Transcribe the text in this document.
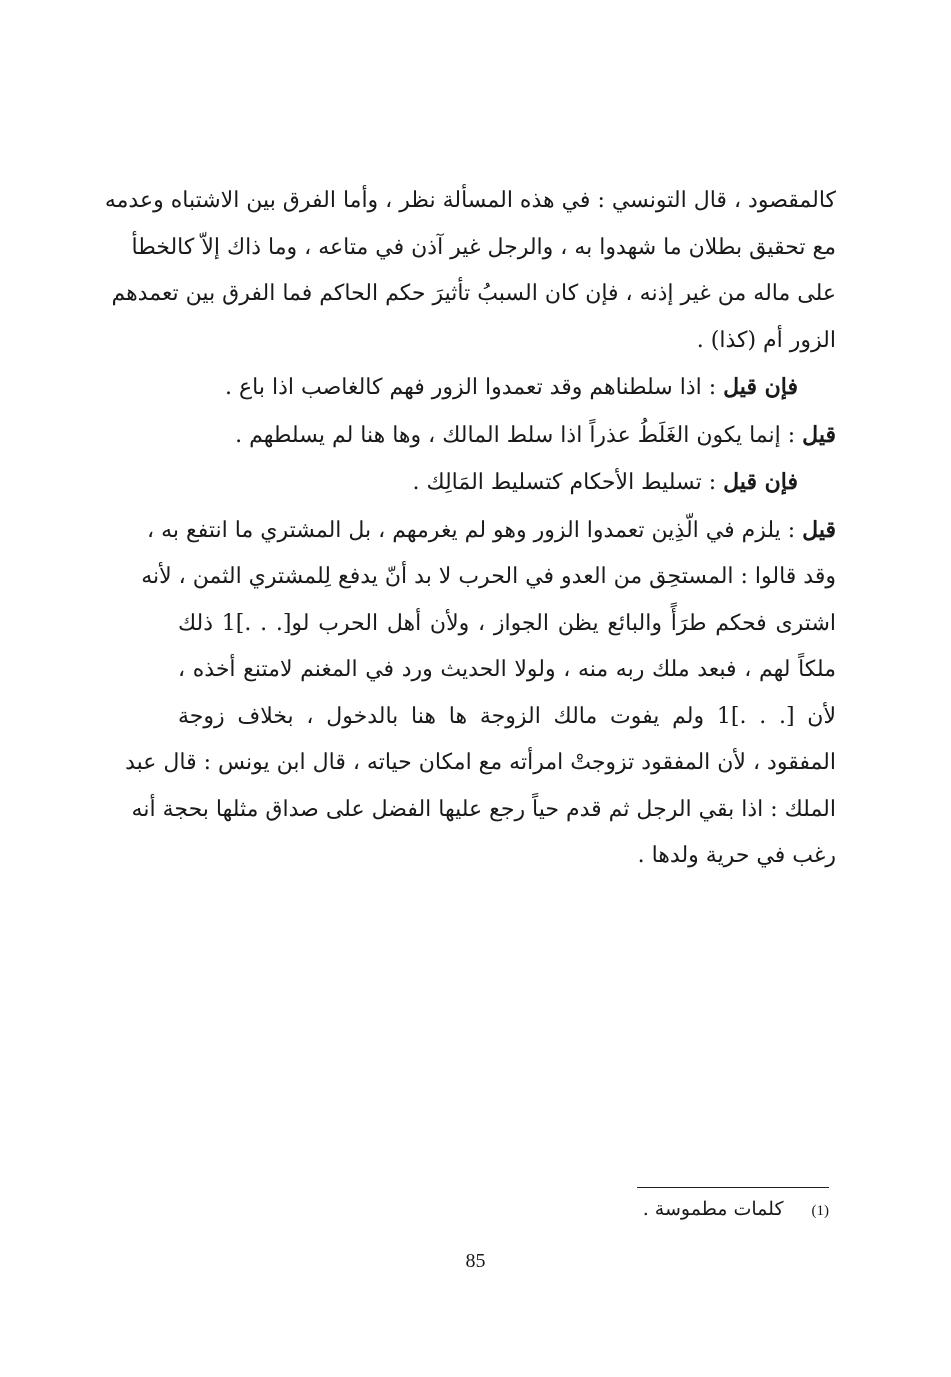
كالمقصود ، قال التونسي : في هذه المسألة نظر ، وأما الفرق بين الاشتباه وعدمه
مع تحقيق بطلان ما شهدوا به ، والرجل غير آذن في متاعه ، وما ذاك إلاّ كالخطأ
على ماله من غير إذنه ، فإن كان السببُ تأثيرَ حكم الحاكم فما الفرق بين تعمدهم
الزور أم (كذا) .
فإن قيل : اذا سلطناهم وقد تعمدوا الزور فهم كالغاصب اذا باع .
قيل : إنما يكون الغَلَطُ عذراً اذا سلط المالك ، وها هنا لم يسلطهم .
فإن قيل : تسليط الأحكام كتسليط المَالِك .
قيل : يلزم في الّذِين تعمدوا الزور وهو لم يغرمهم ، بل المشتري ما انتفع به ،
وقد قالوا : المستحِق من العدو في الحرب لا بد أنّ يدفع لِلمشتري الثمن ، لأنه
اشترى فحكم طرَأً والبائع يظن الجواز ، ولأن أهل الحرب لو[. . .]1 ذلك
ملكاً لهم ، فبعد ملك ربه منه ، ولولا الحديث ورد في المغنم لامتنع أخذه ،
لأن [. . .]1 ولم يفوت مالك الزوجة ها هنا بالدخول ، بخلاف زوجة
المفقود ، لأن المفقود تزوجتْ امرأته مع امكان حياته ، قال ابن يونس : قال عبد
الملك : اذا بقي الرجل ثم قدم حياً رجع عليها الفضل على صداق مثلها بحجة أنه
رغب في حرية ولدها .
(1)كلمات مطموسة .
85
